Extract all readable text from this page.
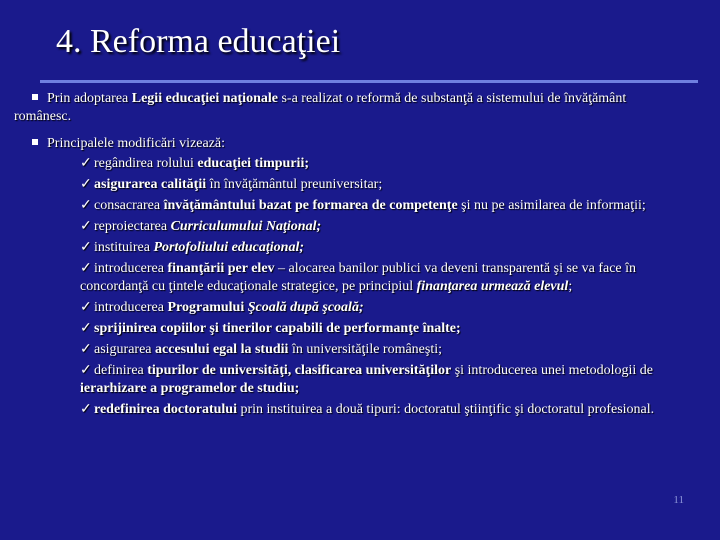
4. Reforma educaţiei

Prin adoptarea Legii educaţiei naţionale s-a realizat o reformă de substanţă a sistemului de învăţământ românesc.

Principalele modificări vizează:

✓ regândirea rolului educaţiei timpurii;
✓ asigurarea calităţii în învăţământul preuniversitar;
✓ consacrarea învăţământului bazat pe formarea de competenţe şi nu pe asimilarea de informaţii;
✓ reproiectarea Curriculumului Naţional;
✓ instituirea Portofoliului educaţional;
✓ introducerea finanţării per elev – alocarea banilor publici va deveni transparentă şi se va face în concordanţă cu ţintele educaţionale strategice, pe principiul finanţarea urmează elevul;
✓ introducerea Programului Şcoală după şcoală;
✓ sprijinirea copiilor şi tinerilor capabili de performanţe înalte;
✓ asigurarea accesului egal la studii în universităţile româneşti;
✓ definirea tipurilor de universităţi, clasificarea universităţilor şi introducerea unei metodologii de ierarhizare a programelor de studiu;
✓ redefinirea doctoratului prin instituirea a două tipuri: doctoratul ştiinţific şi doctoratul profesional.
11
